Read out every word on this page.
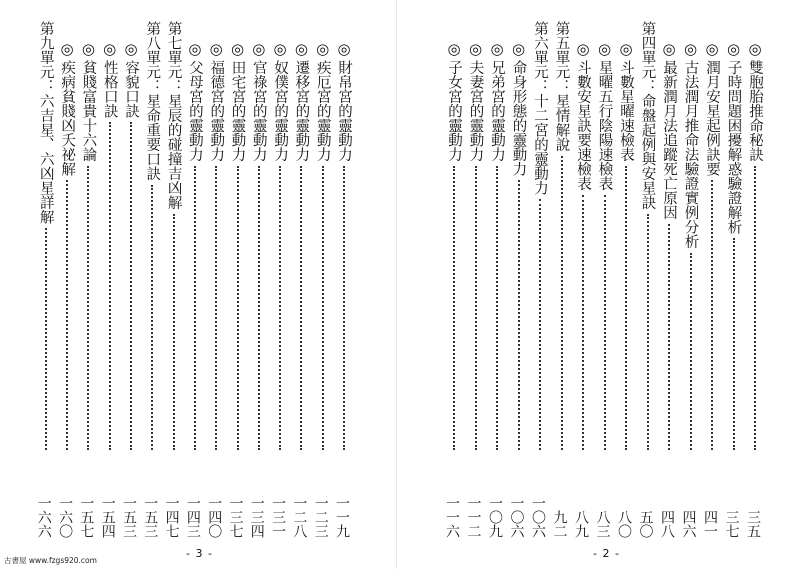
◎
財帛宮的靈動力
一一九
◎
疾厄宮的靈動力
一二三
◎
遷移宮的靈動力
一二八
◎
奴僕宮的靈動力
一三一
◎
官祿宮的靈動力
一三四
◎
田宅宮的靈動力
一三七
◎
福德宮的靈動力
一四〇
◎
父母宮的靈動力
一四三
第七單元：星辰的碰撞吉凶解
一四七
第八單元：星命重要口訣
一五三
◎
容貌口訣
一五三
◎
性格口訣
一五四
◎
貧賤富貴十六論
一五七
◎
疾病貧賤凶夭祕解
一六〇
第九單元：六吉星、六凶星詳解
一六六
- 3 -
◎
雙胞胎推命秘訣
三五
◎
子時問題困擾解惑驗證解析
三七
◎
潤月安星起例訣要
四一
◎
古法潤月推命法驗證實例分析
四六
◎
最新潤月法追蹤死亡原因
四八
第四單元：命盤起例與安星訣
五〇
◎
斗數星曜速檢表
八〇
◎
星曜五行陰陽速檢表
八三
◎
斗數安星訣要速檢表
八九
第五單元：星情解說
九二
第六單元：十二宮的靈動力
一〇六
◎
命身形態的靈動力
一〇六
◎
兄弟宮的靈動力
一〇九
◎
夫妻宮的靈動力
一一二
◎
子女宮的靈動力
一一六
- 2 -
古書屋 www.fzgs920.com
